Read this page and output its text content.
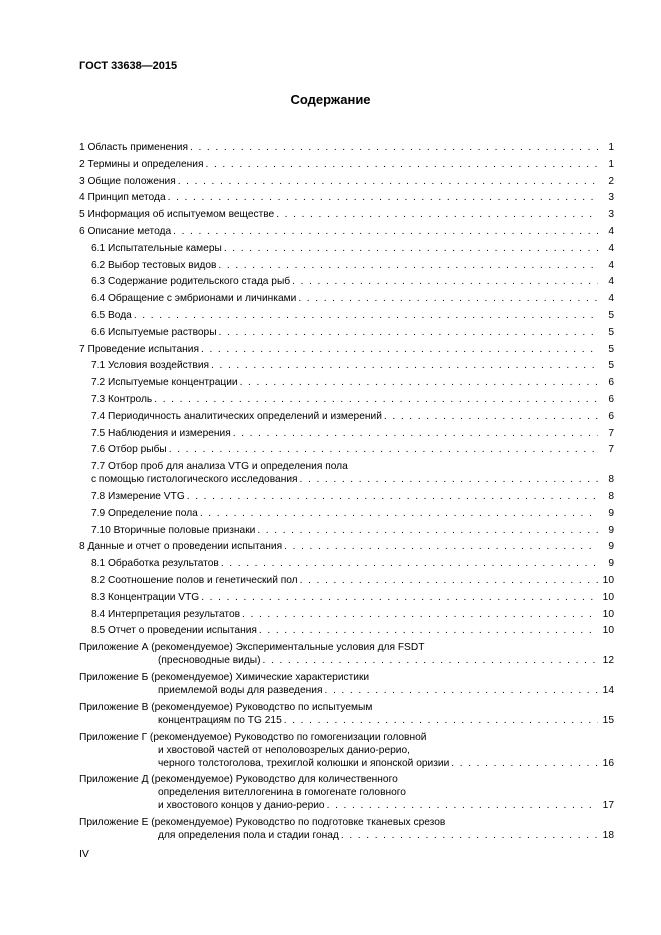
ГОСТ 33638—2015
Содержание
1 Область применения . . .	1
2 Термины и определения . . .	1
3 Общие положения . . .	2
4 Принцип метода . . .	3
5 Информация об испытуемом веществе . . .	3
6 Описание метода . . .	4
6.1 Испытательные камеры . . .	4
6.2 Выбор тестовых видов . . .	4
6.3 Содержание родительского стада рыб . . .	4
6.4 Обращение с эмбрионами и личинками . . .	4
6.5 Вода . . .	5
6.6 Испытуемые растворы . . .	5
7 Проведение испытания . . .	5
7.1 Условия воздействия . . .	5
7.2 Испытуемые концентрации . . .	6
7.3 Контроль . . .	6
7.4 Периодичность аналитических определений и измерений . . .	6
7.5 Наблюдения и измерения . . .	7
7.6 Отбор рыбы . . .	7
7.7 Отбор проб для анализа VTG и определения пола
с помощью гистологического исследования . . .	8
7.8 Измерение VTG . . .	8
7.9 Определение пола . . .	9
7.10 Вторичные половые признаки . . .	9
8 Данные и отчет о проведении испытания . . .	9
8.1 Обработка результатов . . .	9
8.2 Соотношение полов и генетический пол . . .	10
8.3 Концентрации VTG . . .	10
8.4 Интерпретация результатов . . .	10
8.5 Отчет о проведении испытания . . .	10
Приложение А (рекомендуемое) Экспериментальные условия для FSDT
(пресноводные виды) . . .	12
Приложение Б (рекомендуемое) Химические характеристики
приемлемой воды для разведения . . .	14
Приложение В (рекомендуемое) Руководство по испытуемым
концентрациям по TG 215 . . .	15
Приложение Г (рекомендуемое) Руководство по гомогенизации головной
и хвостовой частей от неполовозрелых данио-рерио,
черного толстоголова, трехиглой колюшки и японской оризии . . .	16
Приложение Д (рекомендуемое) Руководство для количественного
определения вителлогенина в гомогенате головного
и хвостового концов у данио-рерио . . .	17
Приложение Е (рекомендуемое) Руководство по подготовке тканевых срезов
для определения пола и стадии гонад . . .	18
IV
